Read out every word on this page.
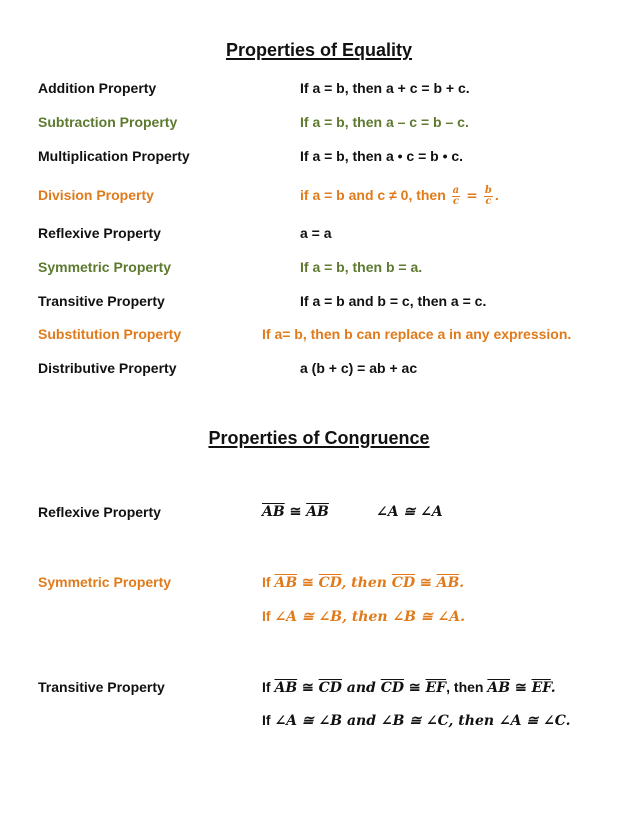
Properties of Equality
Addition Property	If a = b, then a + c = b + c.
Subtraction Property	If a = b, then a – c = b – c.
Multiplication Property	If a = b, then a • c = b • c.
Division Property	if a = b and c ≠ 0, then $\frac{a}{c} = \frac{b}{c}$ .
Reflexive Property	a = a
Symmetric Property	If a = b, then b = a.
Transitive Property	If a = b and b = c, then a = c.
Substitution Property	If a= b, then b can replace a in any expression.
Distributive Property	a (b + c) = ab + ac
Properties of Congruence
Reflexive Property	$\overline{AB}$ ≅ $\overline{AB}$	∠A ≅ ∠A
Symmetric Property	If $\overline{AB}$ ≅ $\overline{CD}$, then $\overline{CD}$ ≅ $\overline{AB}$.
If ∠A ≅ ∠B, then ∠B ≅ ∠A.
Transitive Property	If $\overline{AB}$ ≅ $\overline{CD}$ and $\overline{CD}$ ≅ $\overline{EF}$, then $\overline{AB}$ ≅ $\overline{EF}$.
If ∠A ≅ ∠B and ∠B ≅ ∠C, then ∠A ≅ ∠C.
